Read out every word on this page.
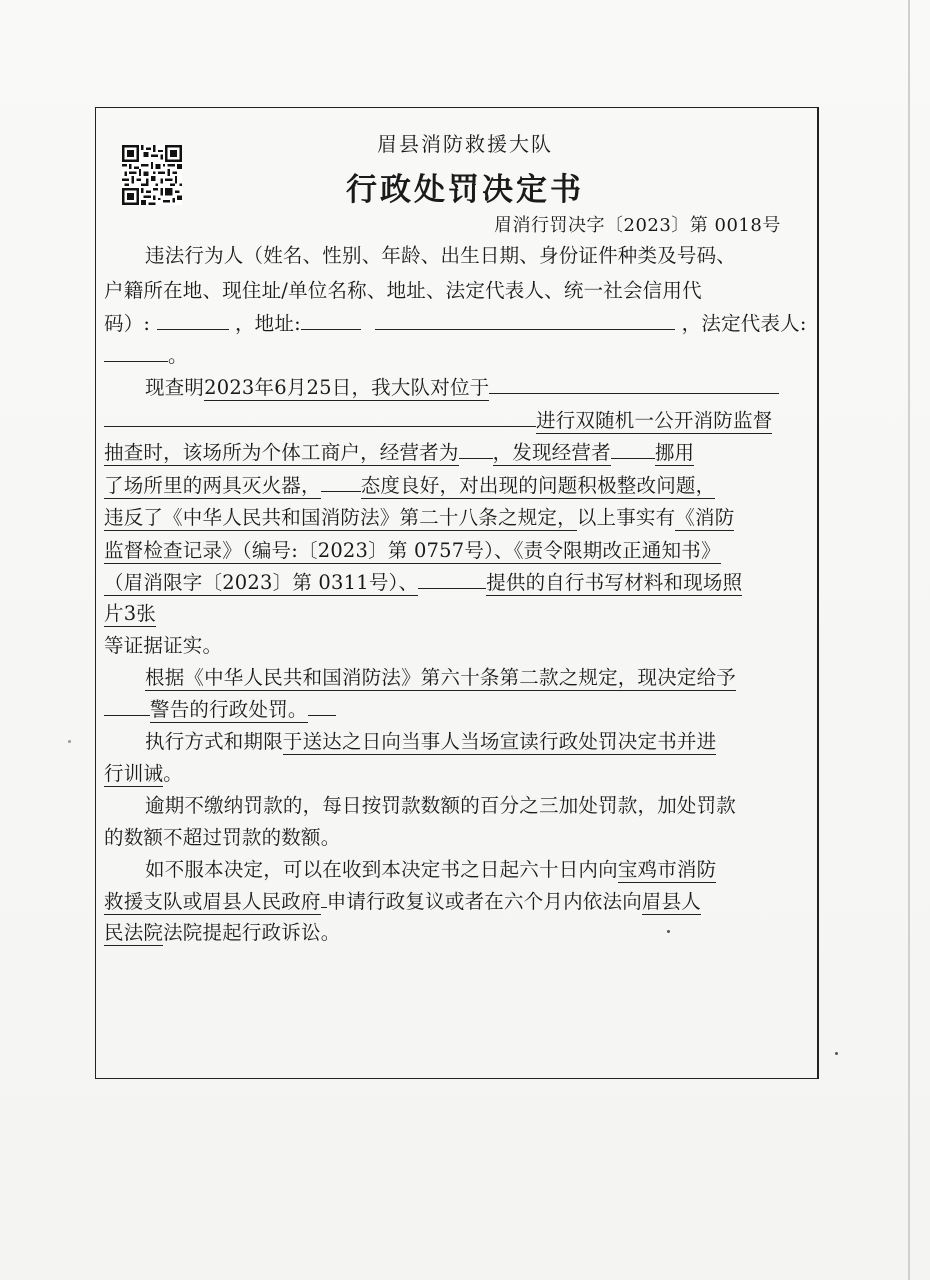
眉县消防救援大队
行政处罚决定书
眉消行罚决字〔2023〕第 0018号
违法行为人（姓名、性别、年龄、出生日期、身份证件种类及号码、
户籍所在地、现住址/单位名称、地址、法定代表人、统一社会信用代
码）:	，地址:	，法定代表人:
。
现查明2023年6月25日，我大队对位于
进行双随机一公开消防监督
抽查时，该场所为个体工商户，经营者为 ，发现经营者 挪用
了场所里的两具灭火器， 态度良好，对出现的问题积极整改问题，
违反了《中华人民共和国消防法》第二十八条之规定，以上事实有《消防
监督检查记录》（编号:〔2023〕第 0757号）、《责令限期改正通知书》
（眉消限字〔2023〕第 0311号）、	提供的自行书写材料和现场照
片3张
等证据证实。
根据《中华人民共和国消防法》第六十条第二款之规定，现决定给予
警告的行政处罚。
执行方式和期限于送达之日向当事人当场宣读行政处罚决定书并进
行训诫。
逾期不缴纳罚款的，每日按罚款数额的百分之三加处罚款，加处罚款
的数额不超过罚款的数额。
如不服本决定，可以在收到本决定书之日起六十日内向宝鸡市消防
救援支队或眉县人民政府 申请行政复议或者在六个月内依法向眉县人
民法院法院提起行政诉讼。
